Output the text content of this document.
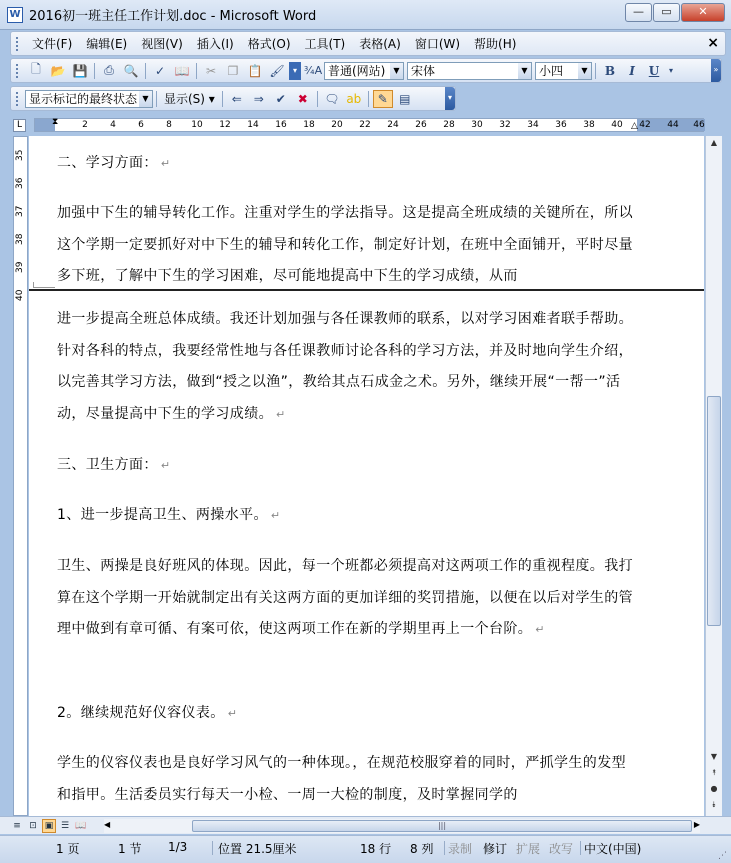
W 2016初一班主任工作计划.doc - Microsoft Word	—	▭	✕
文件(F)	编辑(E)	视图(V)	插入(I)	格式(O)	工具(T)	表格(A)	窗口(W)	帮助(H)	×
🗋 📂 💾	⎙ 🔍	✓ 📖	✂ ❐ 📋 🖌	▾ ¾A 普通(网站)	▼ 宋体	▼ 小四	▼	B	I	U	▾	»
显示标记的最终状态 ▼	显示(S) ▾	⇐ ⇒ ✔ ✖	🗨 ab	✎ ▤	▾
L	2 4 6 8 10 12 14 16 18 20 22 24 26 28 30 32 34 36 38 40 42 44 46
⧗	△
35
36
37
38
39
40
二、学习方面： ↵
加强中下生的辅导转化工作。注重对学生的学法指导。这是提高全班成绩的关键所在，所以这个学期一定要抓好对中下生的辅导和转化工作，制定好计划，在班中全面铺开，平时尽量多下班，了解中下生的学习困难，尽可能地提高中下生的学习成绩，从而
进一步提高全班总体成绩。我还计划加强与各任课教师的联系，以对学习困难者联手帮助。针对各科的特点，我要经常性地与各任课教师讨论各科的学习方法，并及时地向学生介绍，以完善其学习方法，做到“授之以渔”，教给其点石成金之术。另外，继续开展“一帮一”活动，尽量提高中下生的学习成绩。 ↵
三、卫生方面： ↵
1、进一步提高卫生、两操水平。 ↵
卫生、两操是良好班风的体现。因此，每一个班都必须提高对这两项工作的重视程度。我打算在这个学期一开始就制定出有关这两方面的更加详细的奖罚措施，以便在以后对学生的管理中做到有章可循、有案可依，使这两项工作在新的学期里再上一个台阶。 ↵
2。继续规范好仪容仪表。 ↵
学生的仪容仪表也是良好学习风气的一种体现。，在规范校服穿着的同时，严抓学生的发型和指甲。生活委员实行每天一小检、一周一大检的制度，及时掌握同学的
▲
▼
⯭
●
⯯
≡ ⊡ ▣ ☰ 📖 ◀	|||	▶
1 页	1 节 1/3	位置 21.5厘米	18 行 8 列 录制 修订 扩展 改写 中文(中国)	⋰
